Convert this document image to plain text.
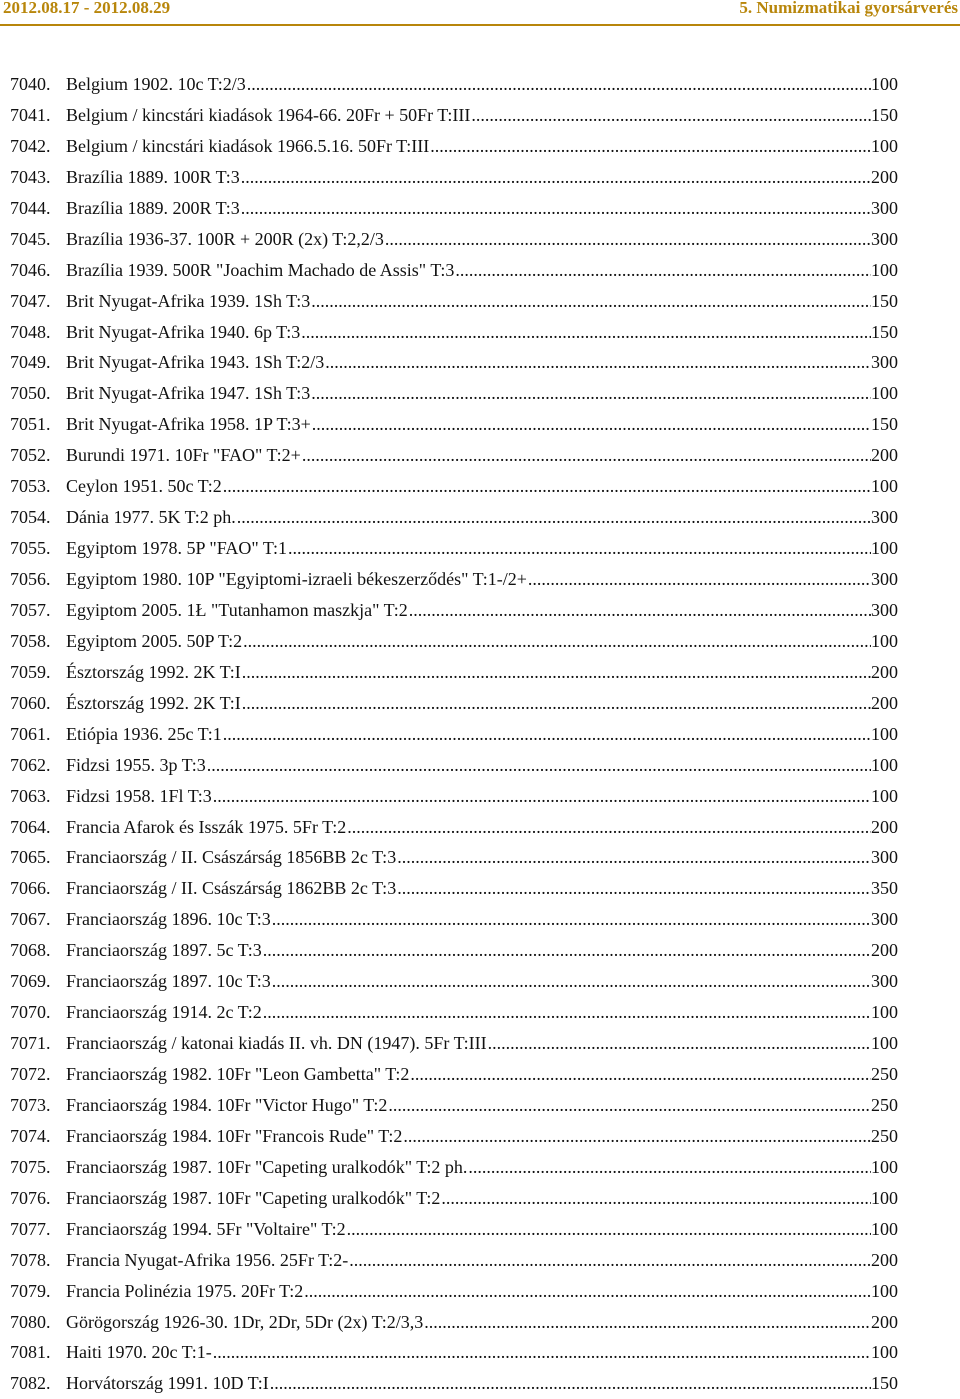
2012.08.17 - 2012.08.29	5. Numizmatikai gyorsárverés
7040. Belgium 1902. 10c T:2/3 .....	100
7041. Belgium / kincstári kiadások 1964-66. 20Fr + 50Fr T:III .....	150
7042. Belgium / kincstári kiadások 1966.5.16. 50Fr T:III .....	100
7043. Brazília 1889. 100R T:3 .....	200
7044. Brazília 1889. 200R T:3 .....	300
7045. Brazília 1936-37. 100R + 200R (2x) T:2,2/3 .....	300
7046. Brazília 1939. 500R "Joachim Machado de Assis" T:3 .....	100
7047. Brit Nyugat-Afrika 1939. 1Sh T:3 .....	150
7048. Brit Nyugat-Afrika 1940. 6p T:3 .....	150
7049. Brit Nyugat-Afrika 1943. 1Sh T:2/3 .....	300
7050. Brit Nyugat-Afrika 1947. 1Sh T:3 .....	100
7051. Brit Nyugat-Afrika 1958. 1P T:3+ .....	150
7052. Burundi 1971. 10Fr "FAO" T:2+ .....	200
7053. Ceylon 1951. 50c T:2 .....	100
7054. Dánia 1977. 5K T:2 ph. .....	300
7055. Egyiptom 1978. 5P "FAO" T:1 .....	100
7056. Egyiptom 1980. 10P "Egyiptomi-izraeli békeszerződés" T:1-/2+ .....	300
7057. Egyiptom 2005. 1Ł "Tutanhamon maszkja" T:2 .....	300
7058. Egyiptom 2005. 50P T:2 .....	100
7059. Észtország 1992. 2K T:I .....	200
7060. Észtország 1992. 2K T:I .....	200
7061. Etiópia 1936. 25c T:1 .....	100
7062. Fidzsi 1955. 3p T:3 .....	100
7063. Fidzsi 1958. 1Fl T:3 .....	100
7064. Francia Afarok és Isszák 1975. 5Fr T:2 .....	200
7065. Franciaország / II. Császárság 1856BB 2c T:3 .....	300
7066. Franciaország / II. Császárság 1862BB 2c T:3 .....	350
7067. Franciaország 1896. 10c T:3 .....	300
7068. Franciaország 1897. 5c T:3 .....	200
7069. Franciaország 1897. 10c T:3 .....	300
7070. Franciaország 1914. 2c T:2 .....	100
7071. Franciaország / katonai kiadás II. vh. DN (1947). 5Fr T:III .....	100
7072. Franciaország 1982. 10Fr "Leon Gambetta" T:2 .....	250
7073. Franciaország 1984. 10Fr "Victor Hugo" T:2 .....	250
7074. Franciaország 1984. 10Fr "Francois Rude" T:2 .....	250
7075. Franciaország 1987. 10Fr "Capeting uralkodók" T:2 ph. .....	100
7076. Franciaország 1987. 10Fr "Capeting uralkodók" T:2 .....	100
7077. Franciaország 1994. 5Fr "Voltaire" T:2 .....	100
7078. Francia Nyugat-Afrika 1956. 25Fr T:2- .....	200
7079. Francia Polinézia 1975. 20Fr T:2 .....	100
7080. Görögország 1926-30. 1Dr, 2Dr, 5Dr (2x) T:2/3,3 .....	200
7081. Haiti 1970. 20c T:1- .....	100
7082. Horvátország 1991. 10D T:I .....	150
